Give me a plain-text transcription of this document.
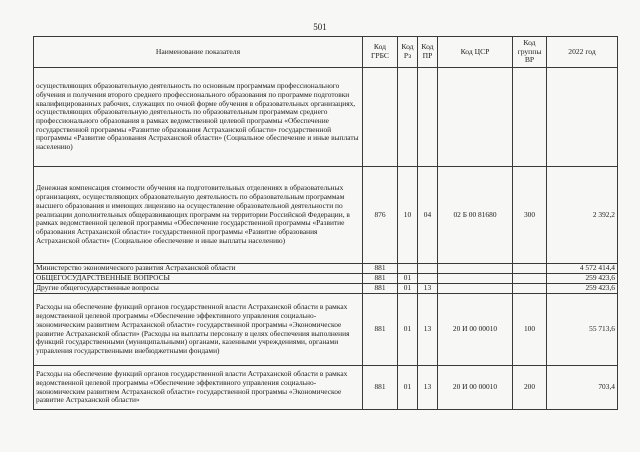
501
Наименование показателя	Код ГРБС	Код Рз	Код ПР	Код ЦСР	Код группы ВР	2022 год
осуществляющих образовательную деятельность по основным программам профессионального обучения и получения второго среднего профессионального образования по программе подготовки квалифицированных рабочих, служащих по очной форме обучения в образовательных организациях, осуществляющих образовательную деятельность по образовательным программам среднего профессионального образования в рамках ведомственной целевой программы «Обеспечение государственной программы «Развитие образования Астраханской области» государственной программы «Развитие образования Астраханской области» (Социальное обеспечение и иные выплаты населению)						
Денежная компенсация стоимости обучения на подготовительных отделениях в образовательных организациях, осуществляющих образовательную деятельность по образовательным программам высшего образования и имеющих лицензию на осуществление образовательной деятельности по реализации дополнительных общеразвивающих программ на территории Российской Федерации, в рамках ведомственной целевой программы «Обеспечение государственной программы «Развитие образования Астраханской области» государственной программы «Развитие образования Астраханской области» (Социальное обеспечение и иные выплаты населению)	876	10	04	02 Б 00 81680	300	2 392,2
Министерство экономического развития Астраханской области	881					4 572 414,4
ОБЩЕГОСУДАРСТВЕННЫЕ ВОПРОСЫ	881	01				259 423,6
Другие общегосударственные вопросы	881	01	13			259 423,6
Расходы на обеспечение функций органов государственной власти Астраханской области в рамках ведомственной целевой программы «Обеспечение эффективного управления социально-экономическим развитием Астраханской области» государственной программы «Экономическое развитие Астраханской области» (Расходы на выплаты персоналу в целях обеспечения выполнения функций государственными (муниципальными) органами, казенными учреждениями, органами управления государственными внебюджетными фондами)	881	01	13	20 И 00 00010	100	55 713,6
Расходы на обеспечение функций органов государственной власти Астраханской области в рамках ведомственной целевой программы «Обеспечение эффективного управления социально-экономическим развитием Астраханской области» государственной программы «Экономическое развитие Астраханской области»	881	01	13	20 И 00 00010	200	703,4
